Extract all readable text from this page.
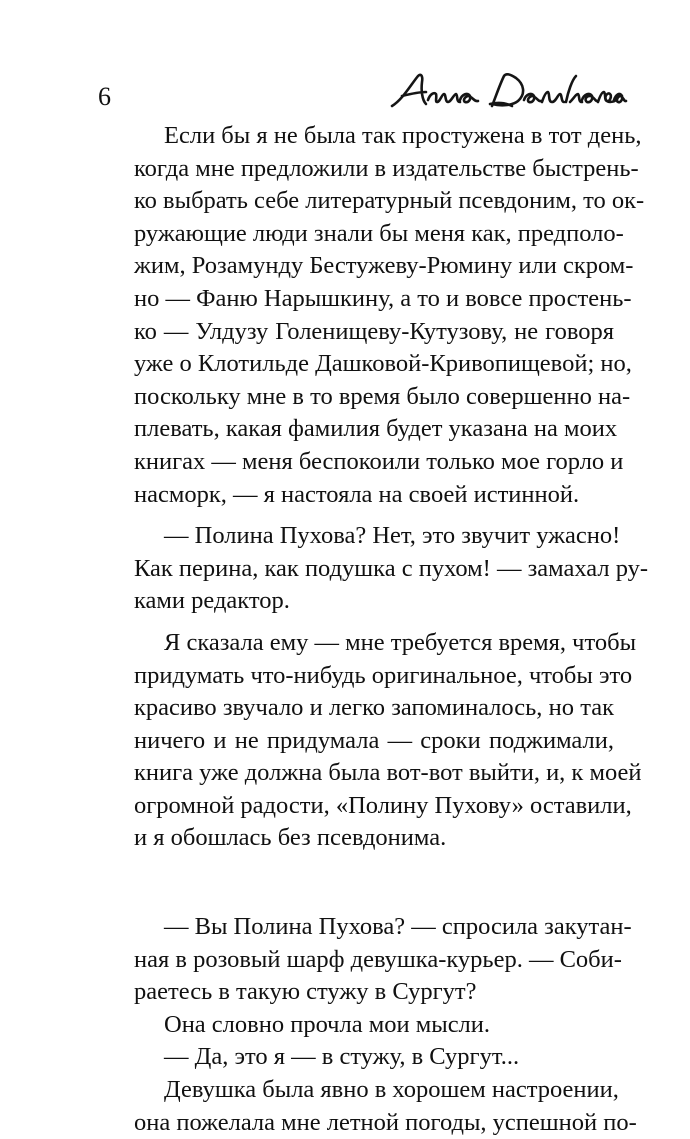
6
Если бы я не была так простужена в тот день,
когда мне предложили в издательстве быстрень-
ко выбрать себе литературный псевдоним, то ок-
ружающие люди знали бы меня как, предполо-
жим, Розамунду Бестужеву-Рюмину или скром-
но — Фаню Нарышкину, а то и вовсе простень-
ко — Улдузу Голенищеву-Кутузову, не говоря
уже о Клотильде Дашковой-Кривопищевой; но,
поскольку мне в то время было совершенно на-
плевать, какая фамилия будет указана на моих
книгах — меня беспокоили только мое горло и
насморк, — я настояла на своей истинной.
— Полина Пухова? Нет, это звучит ужасно!
Как перина, как подушка с пухом! — замахал ру-
ками редактор.
Я сказала ему — мне требуется время, чтобы
придумать что-нибудь оригинальное, чтобы это
красиво звучало и легко запоминалось, но так
ничего и не придумала — сроки поджимали,
книга уже должна была вот-вот выйти, и, к моей
огромной радости, «Полину Пухову» оставили,
и я обошлась без псевдонима.
— Вы Полина Пухова? — спросила закутан-
ная в розовый шарф девушка-курьер. — Соби-
раетесь в такую стужу в Сургут?
Она словно прочла мои мысли.
— Да, это я — в стужу, в Сургут...
Девушка была явно в хорошем настроении,
она пожелала мне летной погоды, успешной по-
